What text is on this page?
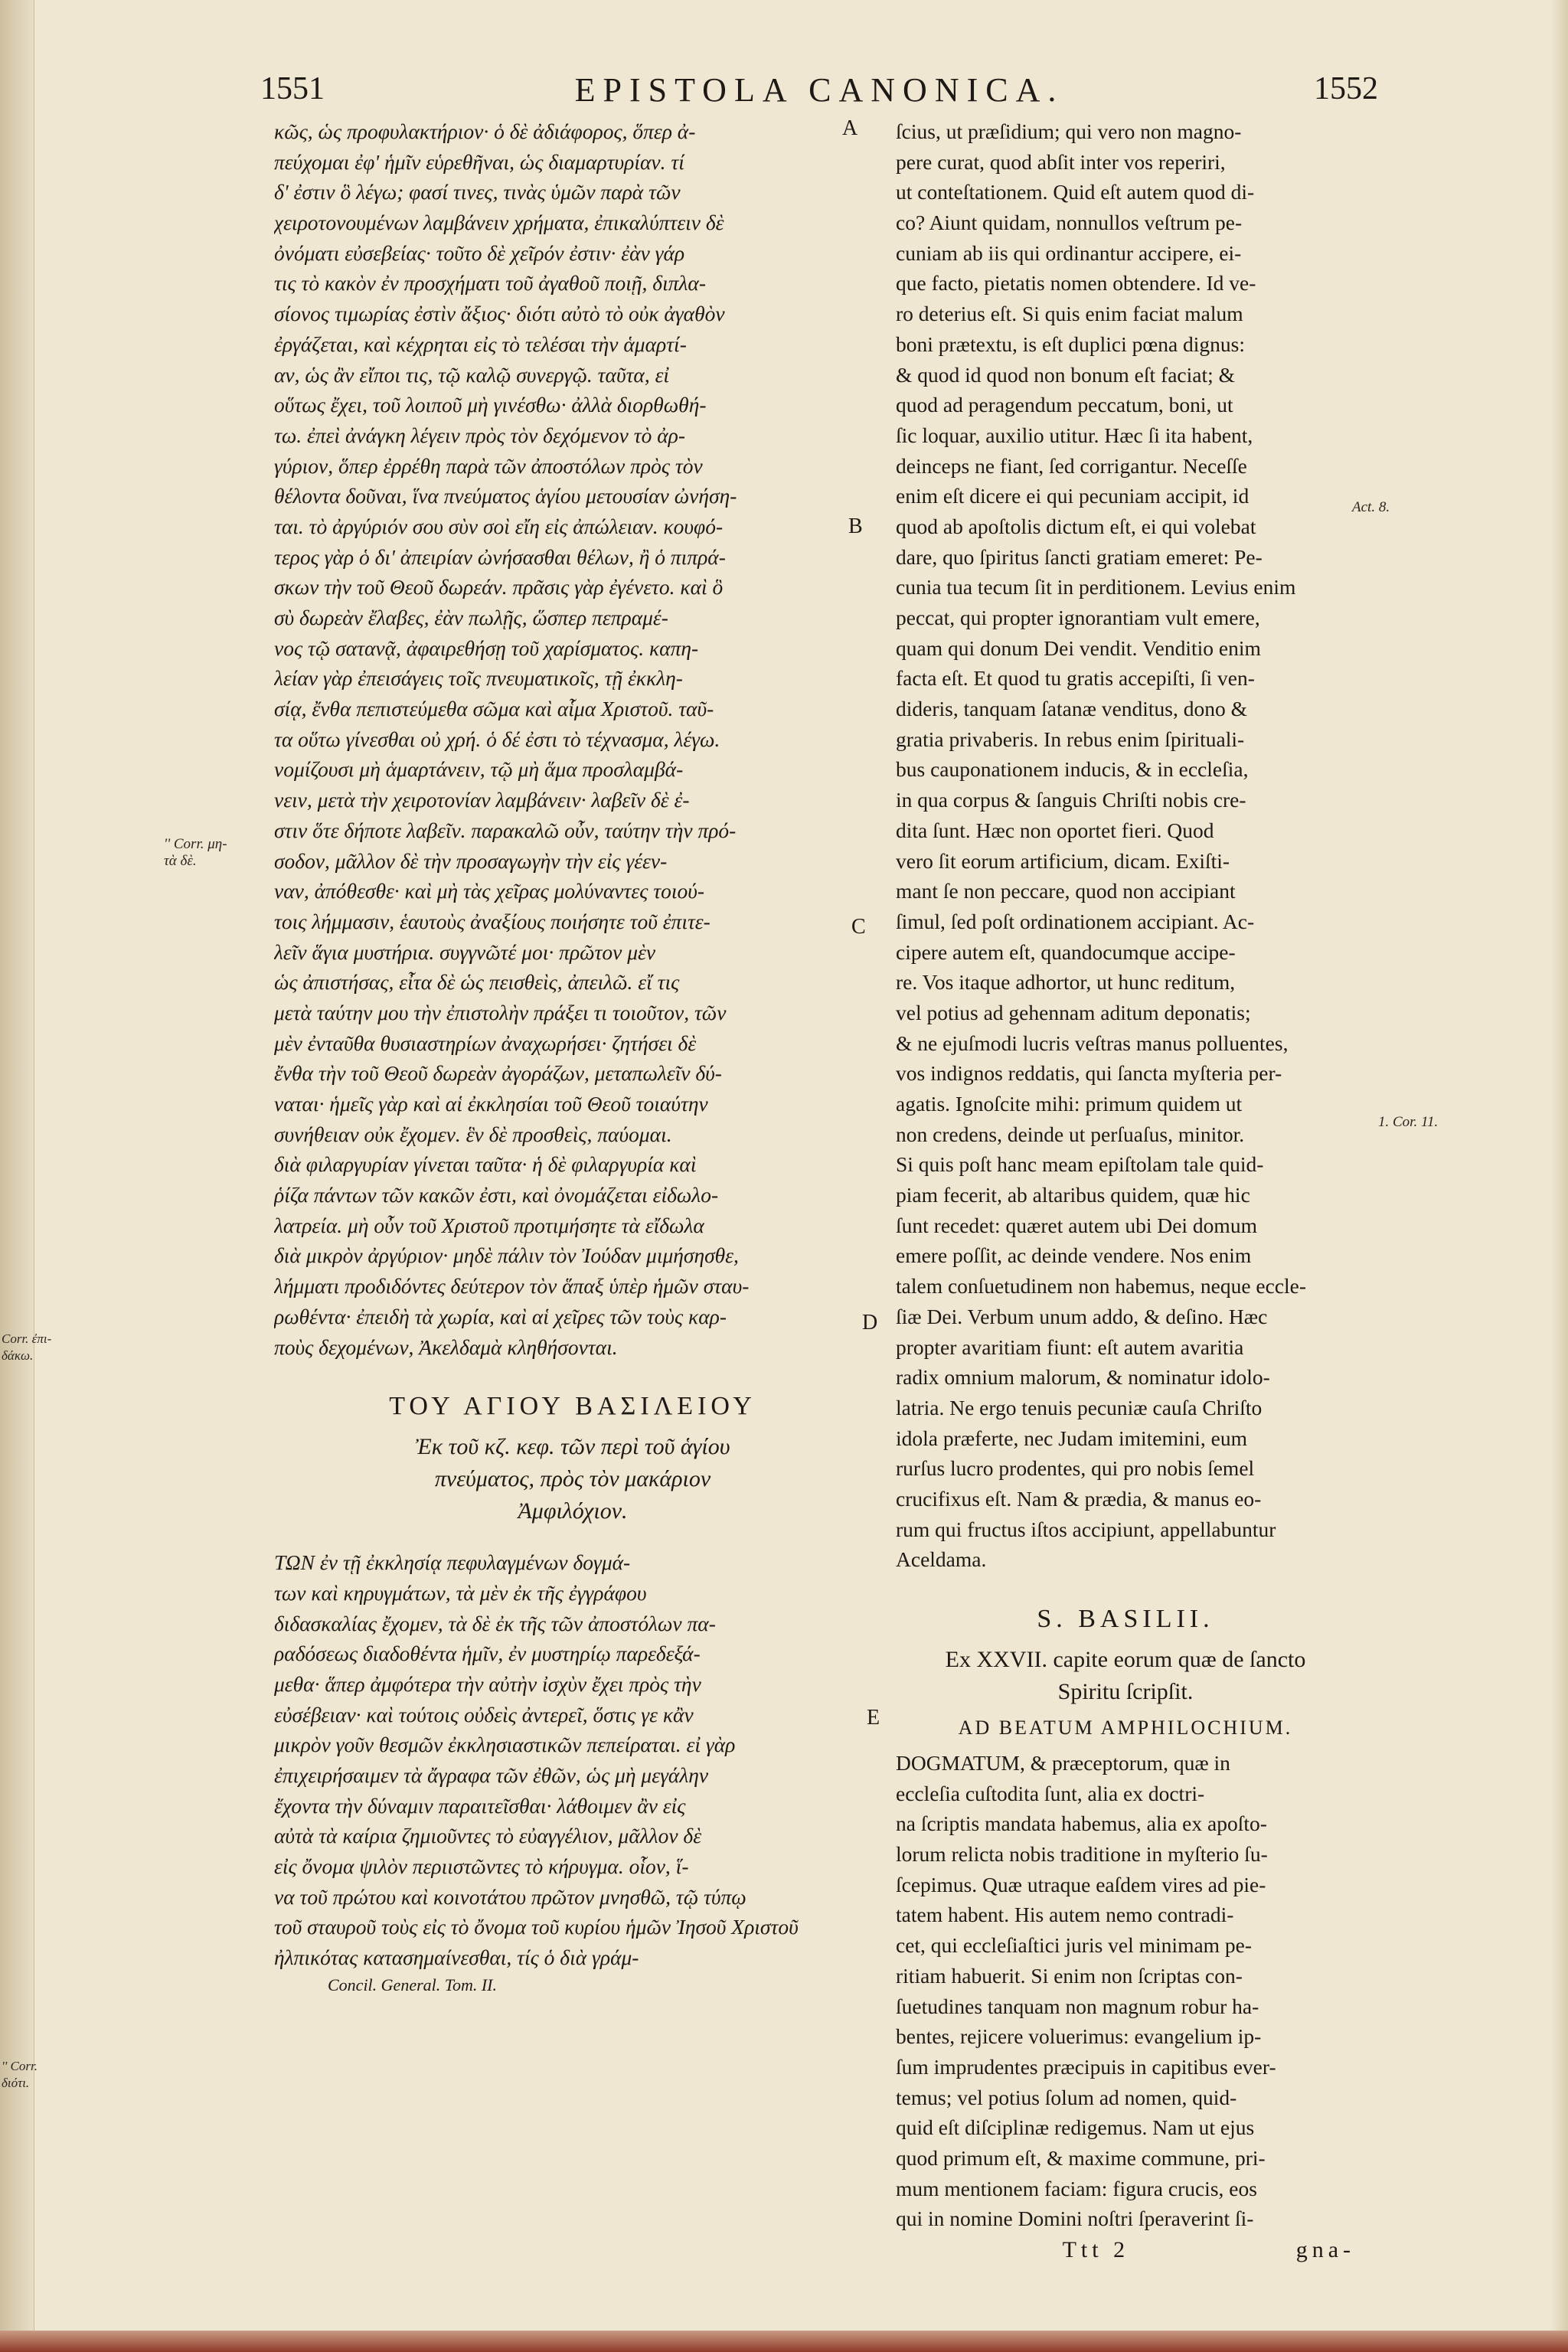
1551	EPISTOLA CANONICA.	1552
κῶς, ὡς προφυλακτήριον· ὁ δὲ ἀδιάφορος, ὅπερ ἀ-
πεύχομαι ἐφ' ἡμῖν εὑρεθῆναι, ὡς διαμαρτυρίαν. τί
δ' ἐστιν ὃ λέγω; φασί τινες, τινὰς ὑμῶν παρὰ τῶν
χειροτονουμένων λαμβάνειν χρήματα, ἐπικαλύπτειν δὲ
ὀνόματι εὐσεβείας· τοῦτο δὲ χεῖρόν ἐστιν· ἐὰν γάρ
τις τὸ κακὸν ἐν προσχήματι τοῦ ἀγαθοῦ ποιῇ, διπλα-
σίονος τιμωρίας ἐστὶν ἄξιος· διότι αὐτὸ τὸ οὐκ ἀγαθὸν
ἐργάζεται, καὶ κέχρηται εἰς τὸ τελέσαι τὴν ἁμαρτί-
αν, ὡς ἂν εἴποι τις, τῷ καλῷ συνεργῷ. ταῦτα, εἰ
οὕτως ἔχει, τοῦ λοιποῦ μὴ γινέσθω· ἀλλὰ διορθωθή-
τω. ἐπεὶ ἀνάγκη λέγειν πρὸς τὸν δεχόμενον τὸ ἀρ-
γύριον, ὅπερ ἐρρέθη παρὰ τῶν ἀποστόλων πρὸς τὸν
θέλοντα δοῦναι, ἵνα πνεύματος ἁγίου μετουσίαν ὠνήση-
ται. τὸ ἀργύριόν σου σὺν σοὶ εἴη εἰς ἀπώλειαν. κουφό-
τερος γὰρ ὁ δι' ἀπειρίαν ὠνήσασθαι θέλων, ἢ ὁ πιπρά-
σκων τὴν τοῦ Θεοῦ δωρεάν. πρᾶσις γὰρ ἐγένετο. καὶ ὃ
σὺ δωρεὰν ἔλαβες, ἐὰν πωλῇς, ὥσπερ πεπραμέ-
νος τῷ σατανᾷ, ἀφαιρεθήσῃ τοῦ χαρίσματος. καπη-
λείαν γὰρ ἐπεισάγεις τοῖς πνευματικοῖς, τῇ ἐκκλη-
σίᾳ, ἔνθα πεπιστεύμεθα σῶμα καὶ αἷμα Χριστοῦ. ταῦ-
τα οὕτω γίνεσθαι οὐ χρή. ὁ δέ ἐστι τὸ τέχνασμα, λέγω.
νομίζουσι μὴ ἁμαρτάνειν, τῷ μὴ ἅμα προσλαμβά-
νειν, μετὰ τὴν χειροτονίαν λαμβάνειν· λαβεῖν δὲ ἐ-
στιν ὅτε δήποτε λαβεῖν. παρακαλῶ οὖν, ταύτην τὴν πρό-
σοδον, μᾶλλον δὲ τὴν προσαγωγὴν τὴν εἰς γέεν-
ναν, ἀπόθεσθε· καὶ μὴ τὰς χεῖρας μολύναντες τοιού-
τοις λήμμασιν, ἑαυτοὺς ἀναξίους ποιήσητε τοῦ ἐπιτε-
λεῖν ἅγια μυστήρια. συγγνῶτέ μοι· πρῶτον μὲν
ὡς ἀπιστήσας, εἶτα δὲ ὡς πεισθεὶς, ἀπειλῶ. εἴ τις
μετὰ ταύτην μου τὴν ἐπιστολὴν πράξει τι τοιοῦτον, τῶν
μὲν ἐνταῦθα θυσιαστηρίων ἀναχωρήσει· ζητήσει δὲ
ἔνθα τὴν τοῦ Θεοῦ δωρεὰν ἀγοράζων, μεταπωλεῖν δύ-
ναται· ἡμεῖς γὰρ καὶ αἱ ἐκκλησίαι τοῦ Θεοῦ τοιαύτην
συνήθειαν οὐκ ἔχομεν. ἓν δὲ προσθεὶς, παύομαι.
διὰ φιλαργυρίαν γίνεται ταῦτα· ἡ δὲ φιλαργυρία καὶ
ῥίζα πάντων τῶν κακῶν ἐστι, καὶ ὀνομάζεται εἰδωλο-
λατρεία. μὴ οὖν τοῦ Χριστοῦ προτιμήσητε τὰ εἴδωλα
διὰ μικρὸν ἀργύριον· μηδὲ πάλιν τὸν Ἰούδαν μιμήσησθε,
λήμματι προδιδόντες δεύτερον τὸν ἅπαξ ὑπὲρ ἡμῶν σταυ-
ρωθέντα· ἐπειδὴ τὰ χωρία, καὶ αἱ χεῖρες τῶν τοὺς καρ-
ποὺς δεχομένων, Ἀκελδαμὰ κληθήσονται.
ΤΟΥ ΑΓΙΟΥ ΒΑΣΙΛΕΙΟΥ
Ἐκ τοῦ κζ. κεφ. τῶν περὶ τοῦ ἁγίου
πνεύματος, πρὸς τὸν μακάριον
Ἀμφιλόχιον.
ΤΩΝ ἐν τῇ ἐκκλησίᾳ πεφυλαγμένων δογμά-
των καὶ κηρυγμάτων, τὰ μὲν ἐκ τῆς ἐγγράφου
διδασκαλίας ἔχομεν, τὰ δὲ ἐκ τῆς τῶν ἀποστόλων πα-
ραδόσεως διαδοθέντα ἡμῖν, ἐν μυστηρίῳ παρεδεξά-
μεθα· ἅπερ ἀμφότερα τὴν αὐτὴν ἰσχὺν ἔχει πρὸς τὴν
εὐσέβειαν· καὶ τούτοις οὐδεὶς ἀντερεῖ, ὅστις γε κἂν
μικρὸν γοῦν θεσμῶν ἐκκλησιαστικῶν πεπείραται. εἰ γὰρ
ἐπιχειρήσαιμεν τὰ ἄγραφα τῶν ἐθῶν, ὡς μὴ μεγάλην
ἔχοντα τὴν δύναμιν παραιτεῖσθαι· λάθοιμεν ἂν εἰς
αὐτὰ τὰ καίρια ζημιοῦντες τὸ εὐαγγέλιον, μᾶλλον δὲ
εἰς ὄνομα ψιλὸν περιιστῶντες τὸ κήρυγμα. οἷον, ἵ-
να τοῦ πρώτου καὶ κοινοτάτου πρῶτον μνησθῶ, τῷ τύπῳ
τοῦ σταυροῦ τοὺς εἰς τὸ ὄνομα τοῦ κυρίου ἡμῶν Ἰησοῦ Χριστοῦ
ἠλπικότας κατασημαίνεσθαι, τίς ὁ διὰ γράμ-
Concil. General. Tom. II.
ſcius, ut præſidium; qui vero non magno-
pere curat, quod abſit inter vos reperiri,
ut conteſtationem. Quid eſt autem quod di-
co? Aiunt quidam, nonnullos veſtrum pe-
cuniam ab iis qui ordinantur accipere, ei-
que facto, pietatis nomen obtendere. Id ve-
ro deterius eſt. Si quis enim faciat malum
boni prætextu, is eſt duplici pœna dignus:
& quod id quod non bonum eſt faciat; &
quod ad peragendum peccatum, boni, ut
ſic loquar, auxilio utitur. Hæc ſi ita habent,
deinceps ne fiant, ſed corrigantur. Neceſſe
enim eſt dicere ei qui pecuniam accipit, id
quod ab apoſtolis dictum eſt, ei qui volebat
dare, quo ſpiritus ſancti gratiam emeret: Pe-
cunia tua tecum ſit in perditionem. Levius enim
peccat, qui propter ignorantiam vult emere,
quam qui donum Dei vendit. Venditio enim
facta eſt. Et quod tu gratis accepiſti, ſi ven-
dideris, tanquam ſatanæ venditus, dono &
gratia privaberis. In rebus enim ſpirituali-
bus cauponationem inducis, & in eccleſia,
in qua corpus & ſanguis Chriſti nobis cre-
dita ſunt. Hæc non oportet fieri. Quod
vero ſit eorum artificium, dicam. Exiſti-
mant ſe non peccare, quod non accipiant
ſimul, ſed poſt ordinationem accipiant. Ac-
cipere autem eſt, quandocumque accipe-
re. Vos itaque adhortor, ut hunc reditum,
vel potius ad gehennam aditum deponatis;
& ne ejuſmodi lucris veſtras manus polluentes,
vos indignos reddatis, qui ſancta myſteria per-
agatis. Ignoſcite mihi: primum quidem ut
non credens, deinde ut perſuaſus, minitor.
Si quis poſt hanc meam epiſtolam tale quid-
piam fecerit, ab altaribus quidem, quæ hic
ſunt recedet: quæret autem ubi Dei domum
emere poſſit, ac deinde vendere. Nos enim
talem conſuetudinem non habemus, neque eccle-
ſiæ Dei. Verbum unum addo, & deſino. Hæc
propter avaritiam fiunt: eſt autem avaritia
radix omnium malorum, & nominatur idolo-
latria. Ne ergo tenuis pecuniæ cauſa Chriſto
idola præferte, nec Judam imitemini, eum
rurſus lucro prodentes, qui pro nobis ſemel
crucifixus eſt. Nam & prædia, & manus eo-
rum qui fructus iſtos accipiunt, appellabuntur
Aceldama.
S. BASILII.
Ex XXVII. capite eorum quæ de ſancto
Spiritu ſcripſit.
AD BEATUM AMPHILOCHIUM.
DOGMATUM, & præceptorum, quæ in
eccleſia cuſtodita ſunt, alia ex doctri-
na ſcriptis mandata habemus, alia ex apoſto-
lorum relicta nobis traditione in myſterio ſu-
ſcepimus. Quæ utraque eaſdem vires ad pie-
tatem habent. His autem nemo contradi-
cet, qui eccleſiaſtici juris vel minimam pe-
ritiam habuerit. Si enim non ſcriptas con-
ſuetudines tanquam non magnum robur ha-
bentes, rejicere voluerimus: evangelium ip-
ſum imprudentes præcipuis in capitibus ever-
temus; vel potius ſolum ad nomen, quid-
quid eſt diſciplinæ redigemus. Nam ut ejus
quod primum eſt, & maxime commune, pri-
mum mentionem faciam: figura crucis, eos
qui in nomine Domini noſtri ſperaverint ſi-
Ttt 2	gna-
A
B
C
D
E
'' Corr. μη-
τὰ δὲ.
Act. 8.
1. Cor. 11.
Corr. ἐπι-
δάκω.
'' Corr.
διότι.
